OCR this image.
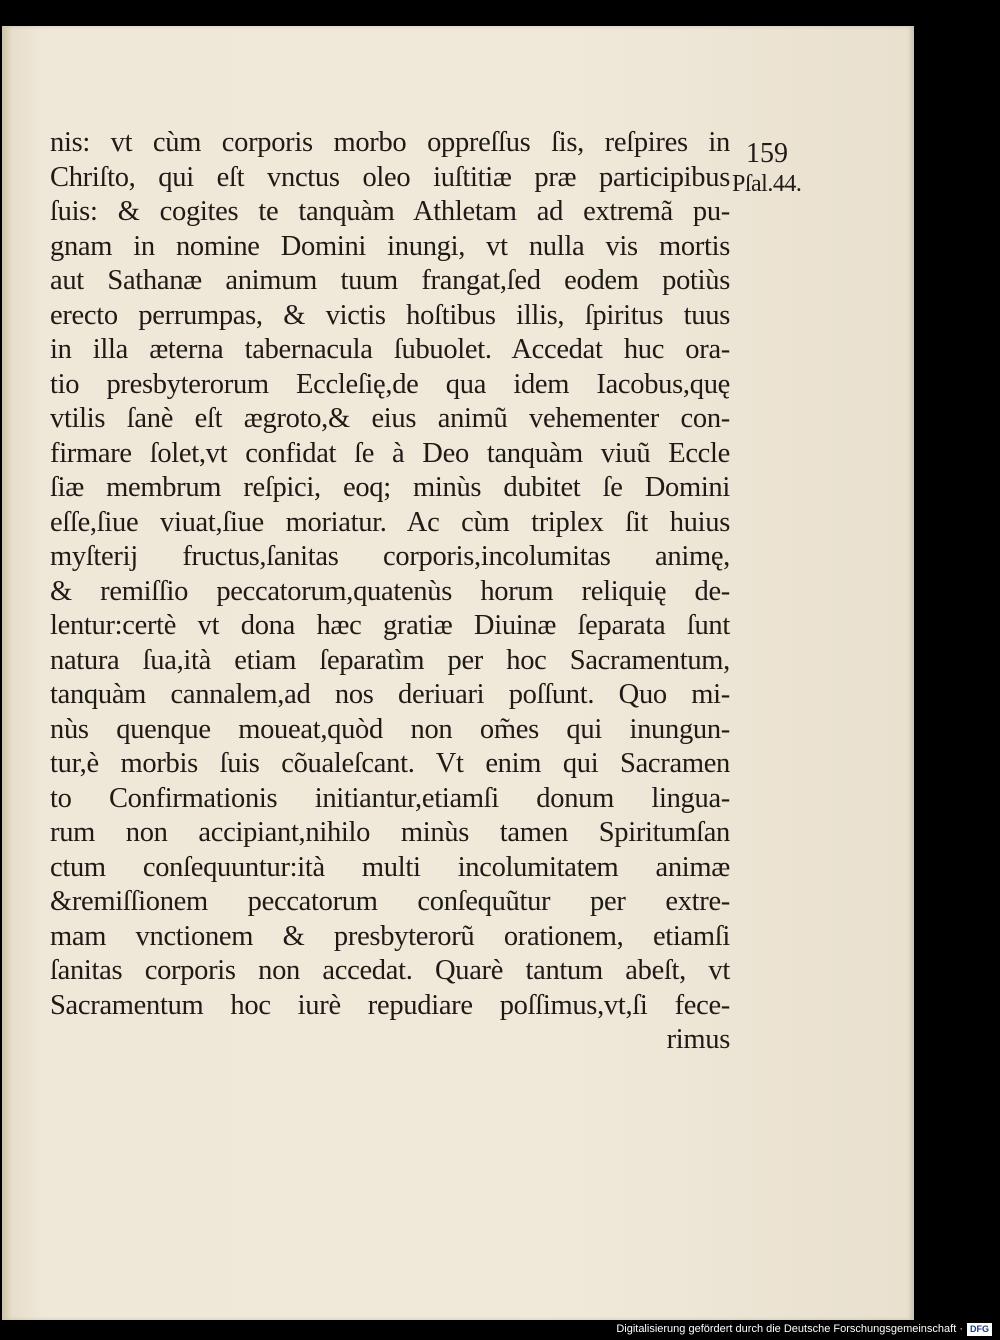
159
Pſal.44.
nis: vt cùm corporis morbo oppreſſus ſis, reſpires in
Chriſto, qui eſt vnctus oleo iuſtitiæ præ participibus
ſuis: & cogites te tanquàm Athletam ad extremã pu-
gnam in nomine Domini inungi, vt nulla vis mortis
aut Sathanæ animum tuum frangat,ſed eodem potiùs
erecto perrumpas, & victis hoſtibus illis, ſpiritus tuus
in illa æterna tabernacula ſubuolet. Accedat huc ora-
tio presbyterorum Eccleſię,de qua idem Iacobus,quę
vtilis ſanè eſt ægroto,& eius animũ vehementer con-
firmare ſolet,vt confidat ſe à Deo tanquàm viuũ Eccle
ſiæ membrum reſpici, eoq; minùs dubitet ſe Domini
eſſe,ſiue viuat,ſiue moriatur. Ac cùm triplex ſit huius
myſterij fructus,ſanitas corporis,incolumitas animę,
& remiſſio peccatorum,quatenùs horum reliquię de-
lentur:certè vt dona hæc gratiæ Diuinæ ſeparata ſunt
natura ſua,ità etiam ſeparatìm per hoc Sacramentum,
tanquàm cannalem,ad nos deriuari poſſunt. Quo mi-
nùs quenque moueat,quòd non om̃es qui inungun-
tur,è morbis ſuis cõualeſcant. Vt enim qui Sacramen
to Confirmationis initiantur,etiamſi donum lingua-
rum non accipiant,nihilo minùs tamen Spiritumſan
ctum conſequuntur:ità multi incolumitatem animæ
&remiſſionem peccatorum conſequũtur per extre-
mam vnctionem & presbyterorũ orationem, etiamſi
ſanitas corporis non accedat. Quarè tantum abeſt, vt
Sacramentum hoc iurè repudiare poſſimus,vt,ſi fece-
rimus
Digitalisierung gefördert durch die Deutsche Forschungsgemeinschaft · DFG
